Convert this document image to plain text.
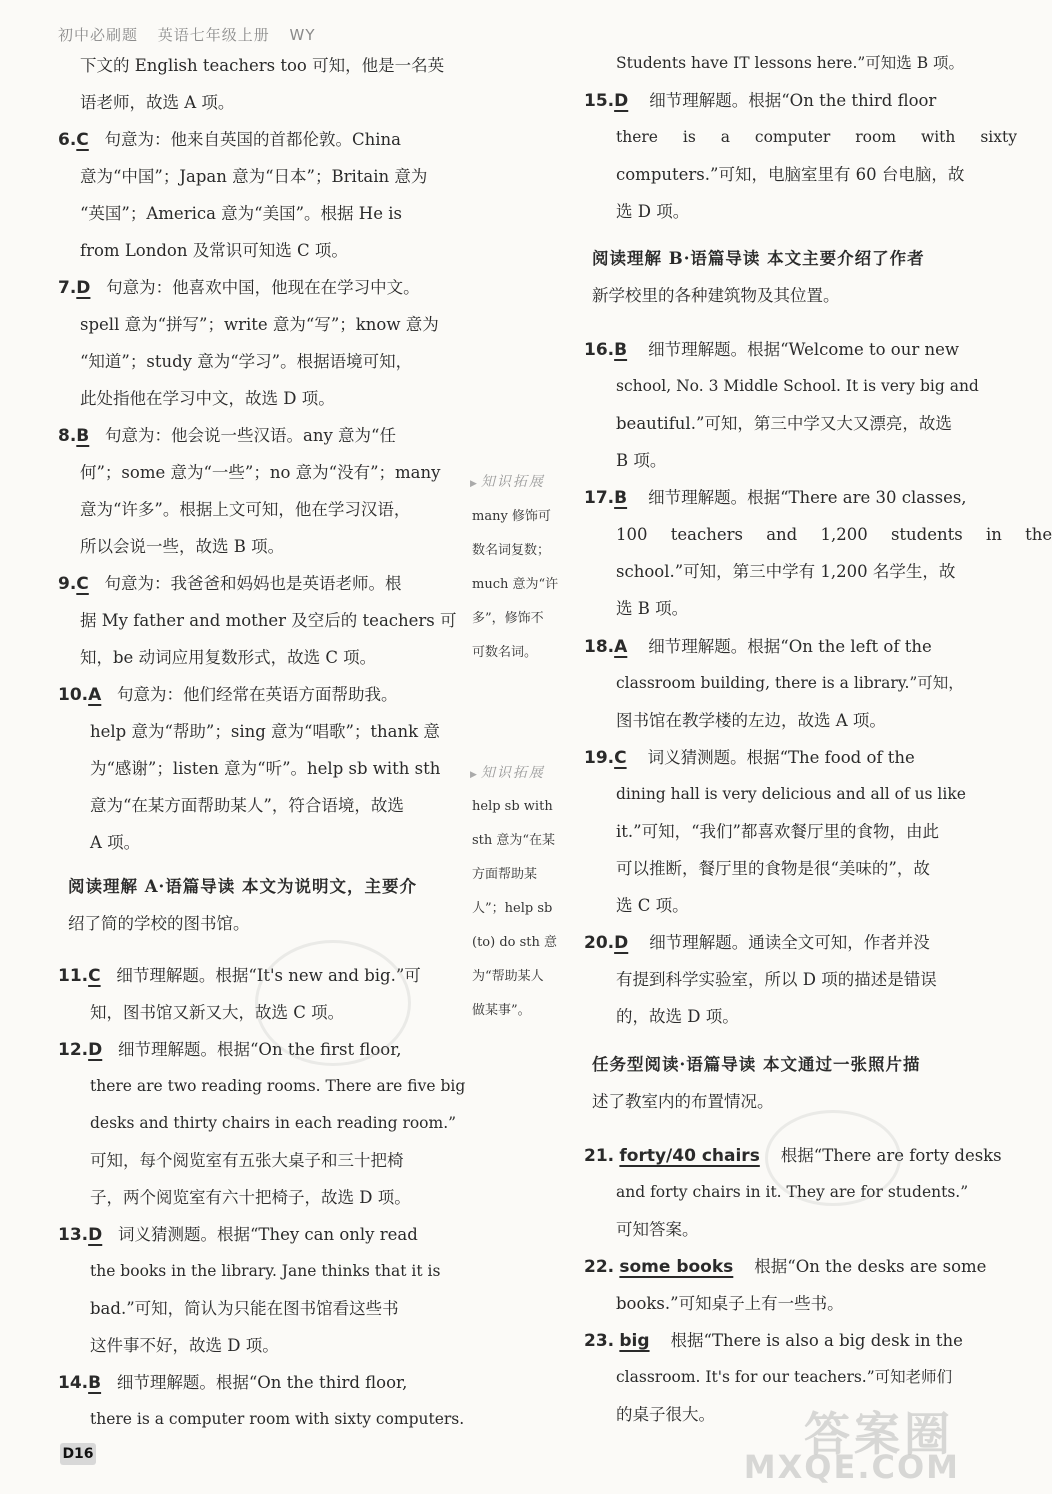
初中必刷题 英语七年级上册 WY
下文的 English teachers too 可知，他是一名英
语老师，故选 A 项。
6.C 句意为：他来自英国的首都伦敦。China
意为“中国”；Japan 意为“日本”；Britain 意为
“英国”；America 意为“美国”。根据 He is
from London 及常识可知选 C 项。
7.D 句意为：他喜欢中国，他现在在学习中文。
spell 意为“拼写”；write 意为“写”；know 意为
“知道”；study 意为“学习”。根据语境可知，
此处指他在学习中文，故选 D 项。
8.B 句意为：他会说一些汉语。any 意为“任
何”；some 意为“一些”；no 意为“没有”；many
意为“许多”。根据上文可知，他在学习汉语，
所以会说一些，故选 B 项。
9.C 句意为：我爸爸和妈妈也是英语老师。根
据 My father and mother 及空后的 teachers 可
知，be 动词应用复数形式，故选 C 项。
10.A 句意为：他们经常在英语方面帮助我。
help 意为“帮助”；sing 意为“唱歌”；thank 意
为“感谢”；listen 意为“听”。help sb with sth
意为“在某方面帮助某人”，符合语境，故选
A 项。
阅读理解 A·语篇导读 本文为说明文，主要介
绍了简的学校的图书馆。
11.C 细节理解题。根据“It's new and big.”可
知，图书馆又新又大，故选 C 项。
12.D 细节理解题。根据“On the first floor,
there are two reading rooms. There are five big
desks and thirty chairs in each reading room.”
可知，每个阅览室有五张大桌子和三十把椅
子，两个阅览室有六十把椅子，故选 D 项。
13.D 词义猜测题。根据“They can only read
the books in the library. Jane thinks that it is
bad.”可知，简认为只能在图书馆看这些书
这件事不好，故选 D 项。
14.B 细节理解题。根据“On the third floor,
there is a computer room with sixty computers.
▶ 知识拓展
many 修饰可
数名词复数；
much 意为“许
多”，修饰不
可数名词。
▶ 知识拓展
help sb with
sth 意为“在某
方面帮助某
人”；help sb
(to) do sth 意
为“帮助某人
做某事”。
Students have IT lessons here.”可知选 B 项。
15.D 细节理解题。根据“On the third floor
there is a computer room with sixty
computers.”可知，电脑室里有 60 台电脑，故
选 D 项。
阅读理解 B·语篇导读 本文主要介绍了作者
新学校里的各种建筑物及其位置。
16.B 细节理解题。根据“Welcome to our new
school, No. 3 Middle School. It is very big and
beautiful.”可知，第三中学又大又漂亮，故选
B 项。
17.B 细节理解题。根据“There are 30 classes,
100 teachers and 1,200 students in the
school.”可知，第三中学有 1,200 名学生，故
选 B 项。
18.A 细节理解题。根据“On the left of the
classroom building, there is a library.”可知，
图书馆在教学楼的左边，故选 A 项。
19.C 词义猜测题。根据“The food of the
dining hall is very delicious and all of us like
it.”可知，“我们”都喜欢餐厅里的食物，由此
可以推断，餐厅里的食物是很“美味的”，故
选 C 项。
20.D 细节理解题。通读全文可知，作者并没
有提到科学实验室，所以 D 项的描述是错误
的，故选 D 项。
任务型阅读·语篇导读 本文通过一张照片描
述了教室内的布置情况。
21. forty/40 chairs 根据“There are forty desks
and forty chairs in it. They are for students.”
可知答案。
22. some books 根据“On the desks are some
books.”可知桌子上有一些书。
23. big 根据“There is also a big desk in the
classroom. It's for our teachers.”可知老师们
的桌子很大。
D16	答案圈
MXQE.COM
